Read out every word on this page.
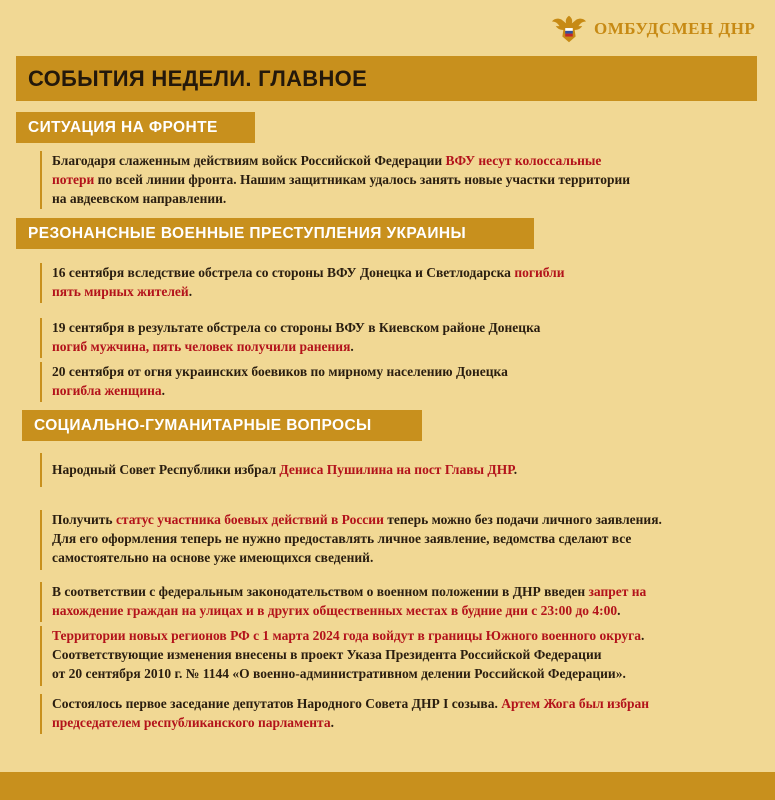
ОМБУДСМЕН ДНР
СОБЫТИЯ НЕДЕЛИ. ГЛАВНОЕ
СИТУАЦИЯ НА ФРОНТЕ
Благодаря слаженным действиям войск Российской Федерации ВФУ несут колоссальные
потери по всей линии фронта. Нашим защитникам удалось занять новые участки территории
на авдеевском направлении.
РЕЗОНАНСНЫЕ ВОЕННЫЕ ПРЕСТУПЛЕНИЯ УКРАИНЫ
16 сентября вследствие обстрела со стороны ВФУ Донецка и Светлодарска погибли
пять мирных жителей.
19 сентября в результате обстрела со стороны ВФУ в Киевском районе Донецка
погиб мужчина, пять человек получили ранения.
20 сентября от огня украинских боевиков по мирному населению Донецка
погибла женщина.
СОЦИАЛЬНО-ГУМАНИТАРНЫЕ ВОПРОСЫ
Народный Совет Республики избрал Дениса Пушилина на пост Главы ДНР.
Получить статус участника боевых действий в России теперь можно без подачи личного заявления.
Для его оформления теперь не нужно предоставлять личное заявление, ведомства сделают все
самостоятельно на основе уже имеющихся сведений.
В соответствии с федеральным законодательством о военном положении в ДНР введен запрет на
нахождение граждан на улицах и в других общественных местах в будние дни с 23:00 до 4:00.
Территории новых регионов РФ с 1 марта 2024 года войдут в границы Южного военного округа.
Соответствующие изменения внесены в проект Указа Президента Российской Федерации
от 20 сентября 2010 г. № 1144 «О военно-административном делении Российской Федерации».
Состоялось первое заседание депутатов Народного Совета ДНР I созыва. Артем Жога был избран
председателем республиканского парламента.
